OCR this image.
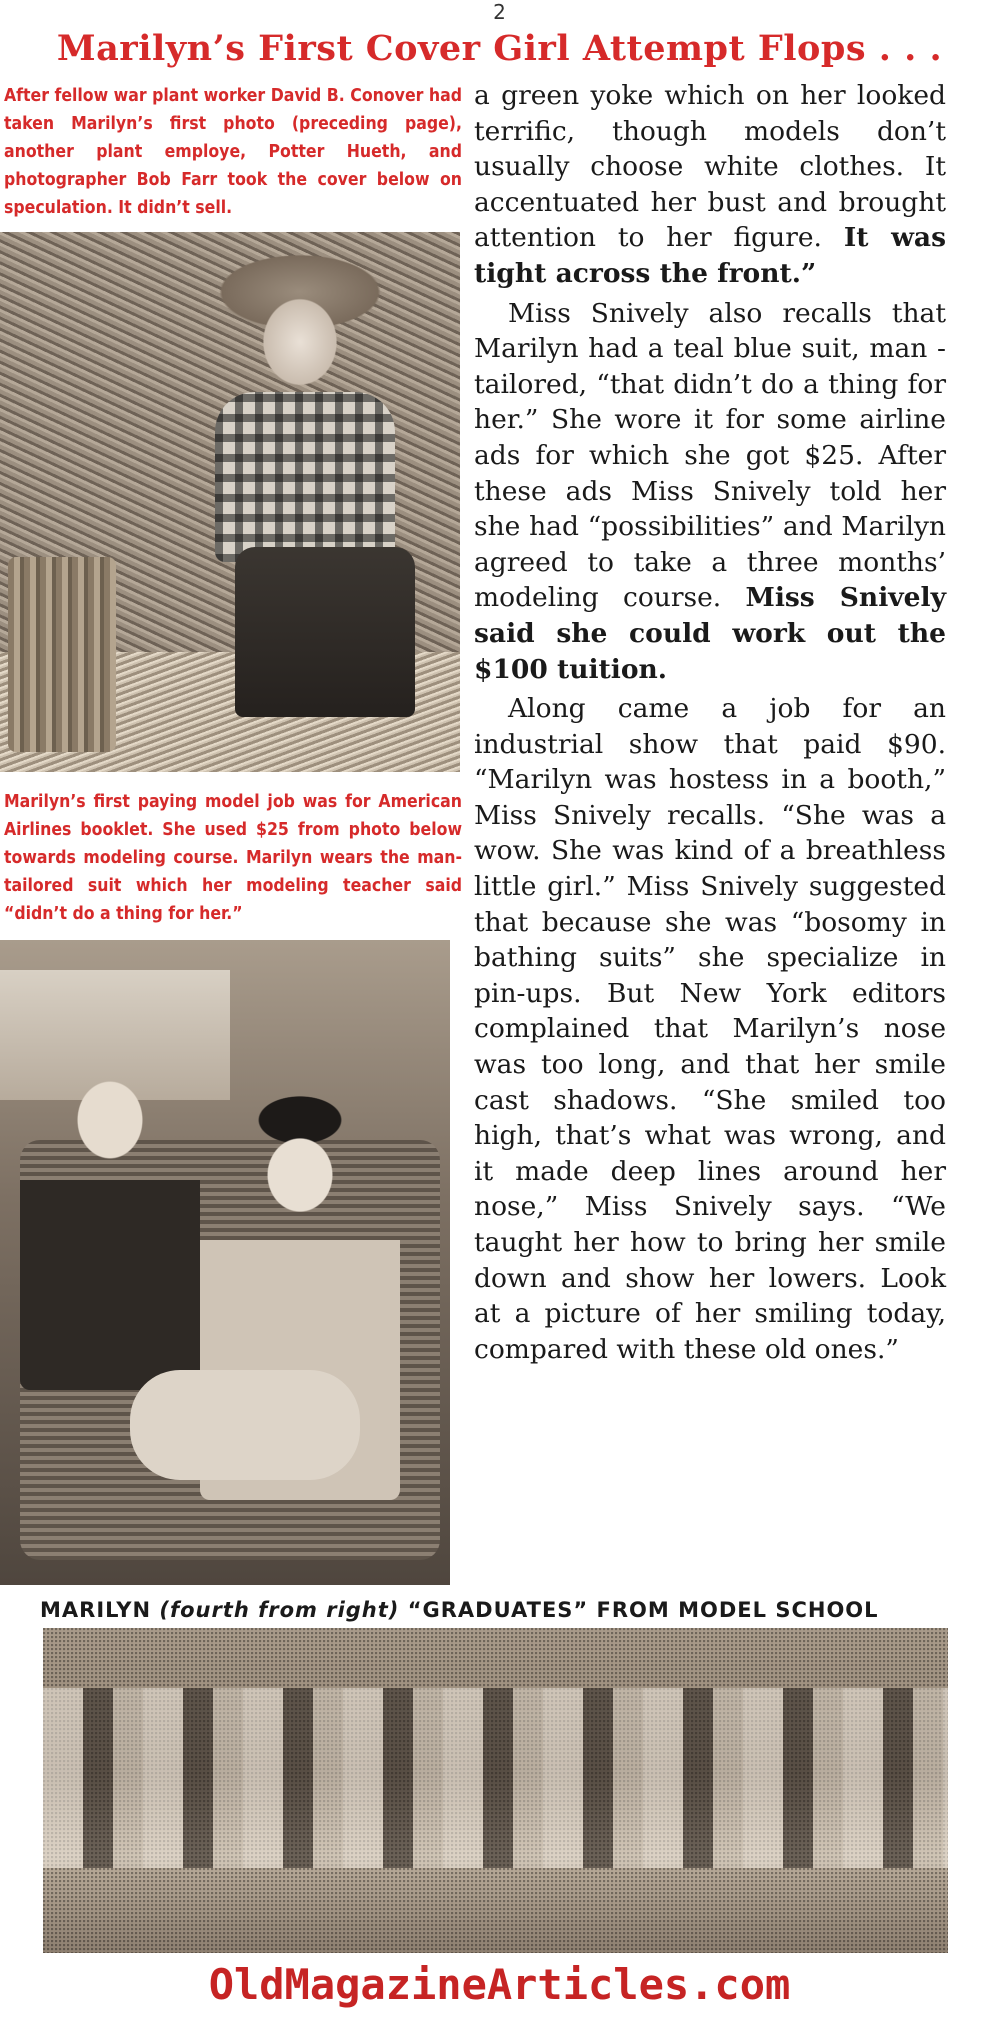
2
Marilyn’s First Cover Girl Attempt Flops . . .
After fellow war plant worker David B. Conover had taken Marilyn’s first photo (preceding page), another plant employe, Potter Hueth, and photographer Bob Farr took the cover below on speculation. It didn’t sell.
Marilyn’s first paying model job was for American Airlines booklet. She used $25 from photo below towards modeling course. Marilyn wears the man-tailored suit which her modeling teacher said “didn’t do a thing for her.”

a green yoke which on her looked terrific, though models don’t usually choose white clothes. It accentuated her bust and brought attention to her figure. It was tight across the front.”

Miss Snively also recalls that Marilyn had a teal blue suit, man - tailored, “that didn’t do a thing for her.” She wore it for some airline ads for which she got $25. After these ads Miss Snively told her she had “possibilities” and Marilyn agreed to take a three months’ modeling course. Miss Snively said she could work out the $100 tuition.

Along came a job for an industrial show that paid $90. “Marilyn was hostess in a booth,” Miss Snively recalls. “She was a wow. She was kind of a breathless little girl.” Miss Snively suggested that because she was “bosomy in bathing suits” she specialize in pin-ups. But New York editors complained that Marilyn’s nose was too long, and that her smile cast shadows. “She smiled too high, that’s what was wrong, and it made deep lines around her nose,” Miss Snively says. “We taught her how to bring her smile down and show her lowers. Look at a picture of her smiling today, compared with these old ones.”

MARILYN (fourth from right) “GRADUATES” FROM MODEL SCHOOL
OldMagazineArticles.com
